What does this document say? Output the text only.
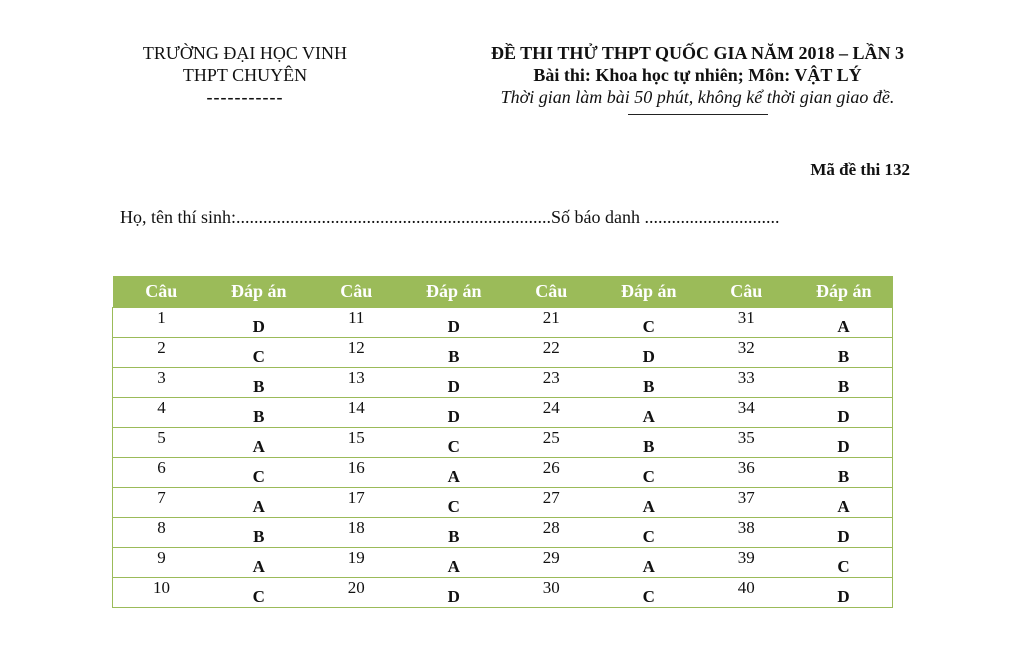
TRƯỜNG ĐẠI HỌC VINH
THPT CHUYÊN
-----------
ĐỀ THI THỬ THPT QUỐC GIA NĂM 2018 – LẦN 3
Bài thi: Khoa học tự nhiên; Môn: VẬT LÝ
Thời gian làm bài 50 phút, không kể thời gian giao đề.
Mã đề thi 132
Họ, tên thí sinh:......................................................................Số báo danh ..............................
Câu	Đáp án	Câu	Đáp án	Câu	Đáp án	Câu	Đáp án
1	D	11	D	21	C	31	A
2	C	12	B	22	D	32	B
3	B	13	D	23	B	33	B
4	B	14	D	24	A	34	D
5	A	15	C	25	B	35	D
6	C	16	A	26	C	36	B
7	A	17	C	27	A	37	A
8	B	18	B	28	C	38	D
9	A	19	A	29	A	39	C
10	C	20	D	30	C	40	D
